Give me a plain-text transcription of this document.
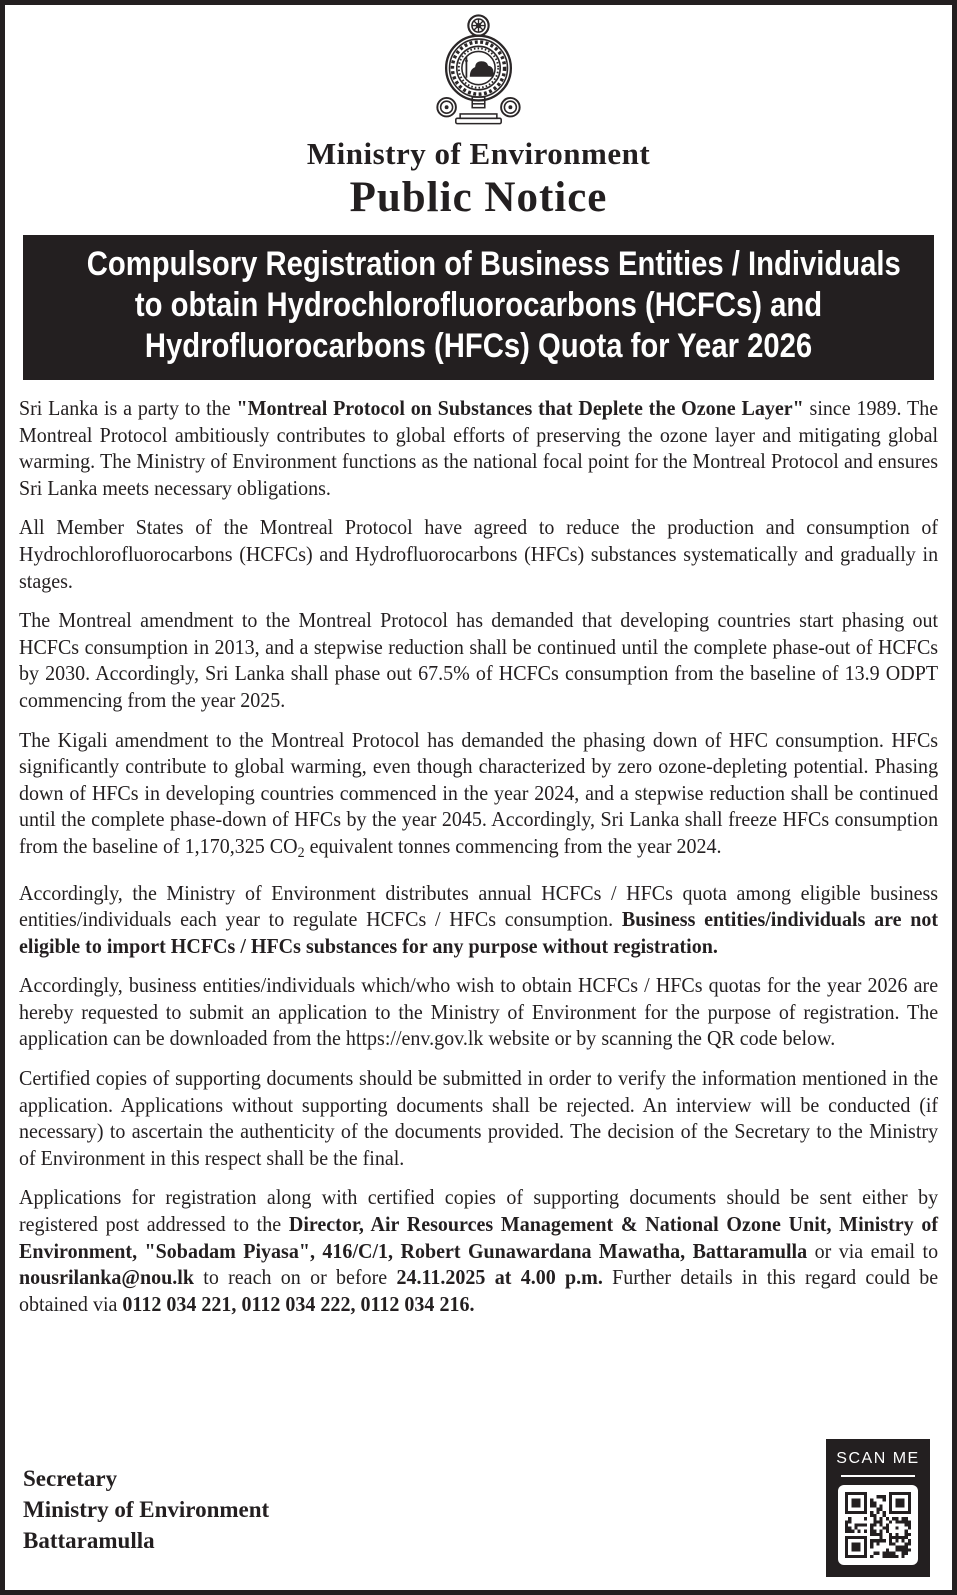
Ministry of Environment
Public Notice
Compulsory Registration of Business Entities / Individuals
to obtain Hydrochlorofluorocarbons (HCFCs) and
Hydrofluorocarbons (HFCs) Quota for Year 2026

Sri Lanka is a party to the "Montreal Protocol on Substances that Deplete the Ozone Layer" since 1989. The Montreal Protocol ambitiously contributes to global efforts of preserving the ozone layer and mitigating global warming. The Ministry of Environment functions as the national focal point for the Montreal Protocol and ensures Sri Lanka meets necessary obligations.

All Member States of the Montreal Protocol have agreed to reduce the production and consumption of Hydrochlorofluorocarbons (HCFCs) and Hydrofluorocarbons (HFCs) substances systematically and gradually in stages.

The Montreal amendment to the Montreal Protocol has demanded that developing countries start phasing out HCFCs consumption in 2013, and a stepwise reduction shall be continued until the complete phase-out of HCFCs by 2030. Accordingly, Sri Lanka shall phase out 67.5% of HCFCs consumption from the baseline of 13.9 ODPT commencing from the year 2025.

The Kigali amendment to the Montreal Protocol has demanded the phasing down of HFC consumption. HFCs significantly contribute to global warming, even though characterized by zero ozone-depleting potential. Phasing down of HFCs in developing countries commenced in the year 2024, and a stepwise reduction shall be continued until the complete phase-down of HFCs by the year 2045. Accordingly, Sri Lanka shall freeze HFCs consumption from the baseline of 1,170,325 $CO_2$ equivalent tonnes commencing from the year 2024.

Accordingly, the Ministry of Environment distributes annual HCFCs / HFCs quota among eligible business entities/individuals each year to regulate HCFCs / HFCs consumption. Business entities/individuals are not eligible to import HCFCs / HFCs substances for any purpose without registration.

Accordingly, business entities/individuals which/who wish to obtain HCFCs / HFCs quotas for the year 2026 are hereby requested to submit an application to the Ministry of Environment for the purpose of registration. The application can be downloaded from the https://env.gov.lk website or by scanning the QR code below.

Certified copies of supporting documents should be submitted in order to verify the information mentioned in the application. Applications without supporting documents shall be rejected. An interview will be conducted (if necessary) to ascertain the authenticity of the documents provided. The decision of the Secretary to the Ministry of Environment in this respect shall be the final.

Applications for registration along with certified copies of supporting documents should be sent either by registered post addressed to the Director, Air Resources Management & National Ozone Unit, Ministry of Environment, "Sobadam Piyasa", 416/C/1, Robert Gunawardana Mawatha, Battaramulla or via email to nousrilanka@nou.lk to reach on or before 24.11.2025 at 4.00 p.m. Further details in this regard could be obtained via 0112 034 221, 0112 034 222, 0112 034 216.

Secretary
Ministry of Environment
Battaramulla
SCAN ME
